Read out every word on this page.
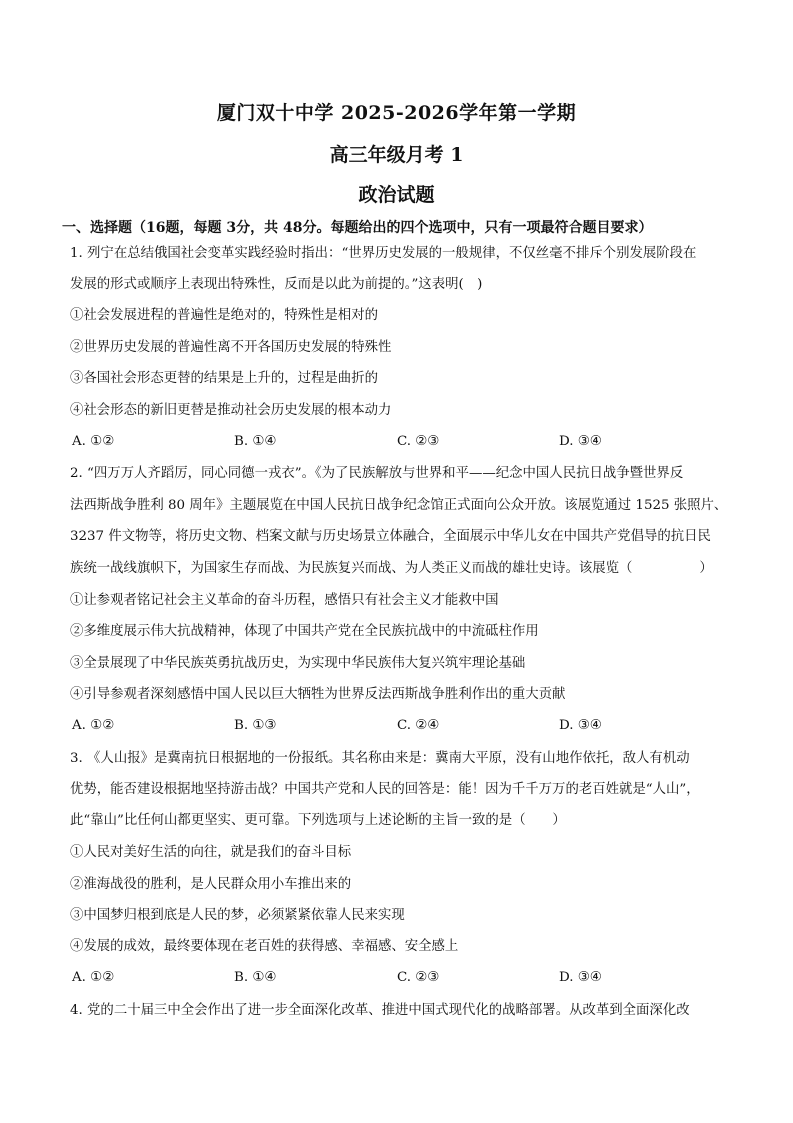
厦门双十中学 2025-2026学年第一学期
高三年级月考 1
政治试题
一、选择题（16题，每题 3分，共 48分。每题给出的四个选项中，只有一项最符合题目要求）
1. 列宁在总结俄国社会变革实践经验时指出：“世界历史发展的一般规律，不仅丝毫不排斥个别发展阶段在
发展的形式或顺序上表现出特殊性，反而是以此为前提的。”这表明(　)
①社会发展进程的普遍性是绝对的，特殊性是相对的
②世界历史发展的普遍性离不开各国历史发展的特殊性
③各国社会形态更替的结果是上升的，过程是曲折的
④社会形态的新旧更替是推动社会历史发展的根本动力
A. ①②	B. ①④	C. ②③	D. ③④
2. “四万万人齐蹈厉，同心同德一戎衣”。《为了民族解放与世界和平——纪念中国人民抗日战争暨世界反
法西斯战争胜利 80 周年》主题展览在中国人民抗日战争纪念馆正式面向公众开放。该展览通过 1525 张照片、
3237 件文物等，将历史文物、档案文献与历史场景立体融合，全面展示中华儿女在中国共产党倡导的抗日民
族统一战线旗帜下，为国家生存而战、为民族复兴而战、为人类正义而战的雄壮史诗。该展览（　　　　　）
①让参观者铭记社会主义革命的奋斗历程，感悟只有社会主义才能救中国
②多维度展示伟大抗战精神，体现了中国共产党在全民族抗战中的中流砥柱作用
③全景展现了中华民族英勇抗战历史，为实现中华民族伟大复兴筑牢理论基础
④引导参观者深刻感悟中国人民以巨大牺牲为世界反法西斯战争胜利作出的重大贡献
A. ①②	B. ①③	C. ②④	D. ③④
3. 《人山报》是冀南抗日根据地的一份报纸。其名称由来是：冀南大平原，没有山地作依托，敌人有机动
优势，能否建设根据地坚持游击战？中国共产党和人民的回答是：能！因为千千万万的老百姓就是“人山”，
此“靠山”比任何山都更坚实、更可靠。下列选项与上述论断的主旨一致的是（　　）
①人民对美好生活的向往，就是我们的奋斗目标
②淮海战役的胜利，是人民群众用小车推出来的
③中国梦归根到底是人民的梦，必须紧紧依靠人民来实现
④发展的成效，最终要体现在老百姓的获得感、幸福感、安全感上
A. ①②	B. ①④	C. ②③	D. ③④
4. 党的二十届三中全会作出了进一步全面深化改革、推进中国式现代化的战略部署。从改革到全面深化改
